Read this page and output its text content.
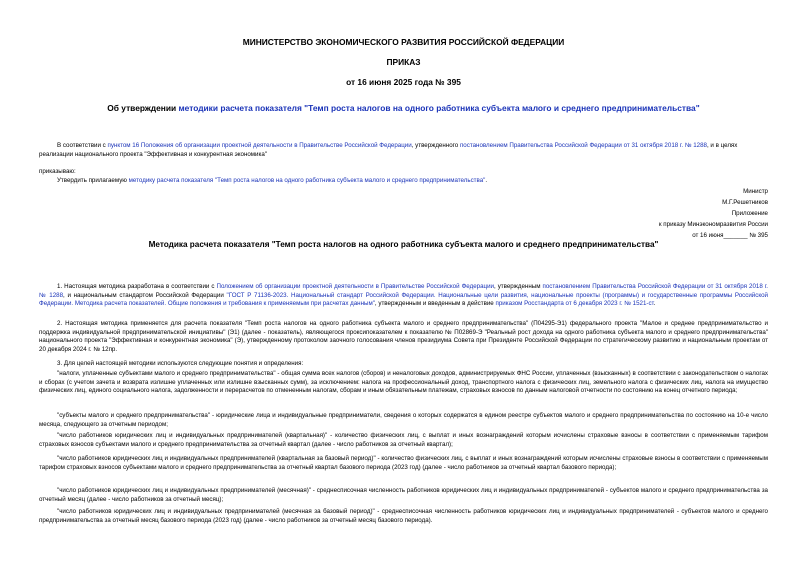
МИНИСТЕРСТВО ЭКОНОМИЧЕСКОГО РАЗВИТИЯ РОССИЙСКОЙ ФЕДЕРАЦИИ
ПРИКАЗ
от 16 июня 2025 года № 395
Об утверждении методики расчета показателя "Темп роста налогов на одного работника субъекта малого и среднего предпринимательства"
В соответствии с пунктом 16 Положения об организации проектной деятельности в Правительстве Российской Федерации, утвержденного постановлением Правительства Российской Федерации от 31 октября 2018 г. № 1288, и в целях реализации национального проекта "Эффективная и конкурентная экономика"
приказываю:
Утвердить прилагаемую методику расчета показателя "Темп роста налогов на одного работника субъекта малого и среднего предпринимательства".
Министр
М.Г.Решетников
Приложение
к приказу Минэкономразвития России
от 16 июня_______ № 395
Методика расчета показателя "Темп роста налогов на одного работника субъекта малого и среднего предпринимательства"
1. Настоящая методика разработана в соответствии с Положением об организации проектной деятельности в Правительстве Российской Федерации, утвержденным постановлением Правительства Российской Федерации от 31 октября 2018 г. № 1288, и национальным стандартом Российской Федерации "ГОСТ Р 71136-2023. Национальный стандарт Российской Федерации. Национальные цели развития, национальные проекты (программы) и государственные программы Российской Федерации. Методика расчета показателей. Общие положения и требования к применяемым при расчетах данным", утвержденным и введенным в действие приказом Росстандарта от 6 декабря 2023 г. № 1521-ст.
2. Настоящая методика применяется для расчета показателя "Темп роста налогов на одного работника субъекта малого и среднего предпринимательства" (П04295-Э1) федерального проекта "Малое и среднее предпринимательство и поддержка индивидуальной предпринимательской инициативы" (Э1) (далее - показатель), являющегося проксипоказателем к показателю № П02869-Э "Реальный рост дохода на одного работника субъекта малого и среднего предпринимательства" национального проекта "Эффективная и конкурентная экономика" (Э), утвержденному протоколом заочного голосования членов президиума Совета при Президенте Российской Федерации по стратегическому развитию и национальным проектам от 20 декабря 2024 г. № 12пр.
3. Для целей настоящей методики используются следующие понятия и определения:
"налоги, уплаченные субъектами малого и среднего предпринимательства" - общая сумма всех налогов (сборов) и неналоговых доходов, администрируемых ФНС России, уплаченных (взысканных) в соответствии с законодательством о налогах и сборах (с учетом зачета и возврата излишне уплаченных или излишне взысканных сумм), за исключением: налога на профессиональный доход, транспортного налога с физических лиц, земельного налога с физических лиц, налога на имущество физических лиц, единого социального налога, задолженности и перерасчетов по отмененным налогам, сборам и иным обязательным платежам, страховых взносов по данным налоговой отчетности по состоянию на конец отчетного периода;
"субъекты малого и среднего предпринимательства" - юридические лица и индивидуальные предприниматели, сведения о которых содержатся в едином реестре субъектов малого и среднего предпринимательства по состоянию на 10-е число месяца, следующего за отчетным периодом;
"число работников юридических лиц и индивидуальных предпринимателей (квартальная)" - количество физических лиц, с выплат и иных вознаграждений которым исчислены страховые взносы в соответствии с применяемым тарифом страховых взносов субъектами малого и среднего предпринимательства за отчетный квартал (далее - число работников за отчетный квартал);
"число работников юридических лиц и индивидуальных предпринимателей (квартальная за базовый период)" - количество физических лиц, с выплат и иных вознаграждений которым исчислены страховые взносы в соответствии с применяемым тарифом страховых взносов субъектами малого и среднего предпринимательства за отчетный квартал базового периода (2023 год) (далее - число работников за отчетный квартал базового периода);
"число работников юридических лиц и индивидуальных предпринимателей (месячная)" - среднесписочная численность работников юридических лиц и индивидуальных предпринимателей - субъектов малого и среднего предпринимательства за отчетный месяц (далее - число работников за отчетный месяц);
"число работников юридических лиц и индивидуальных предпринимателей (месячная за базовый период)" - среднесписочная численность работников юридических лиц и индивидуальных предпринимателей - субъектов малого и среднего предпринимательства за отчетный месяц базового периода (2023 год) (далее - число работников за отчетный месяц базового периода).
